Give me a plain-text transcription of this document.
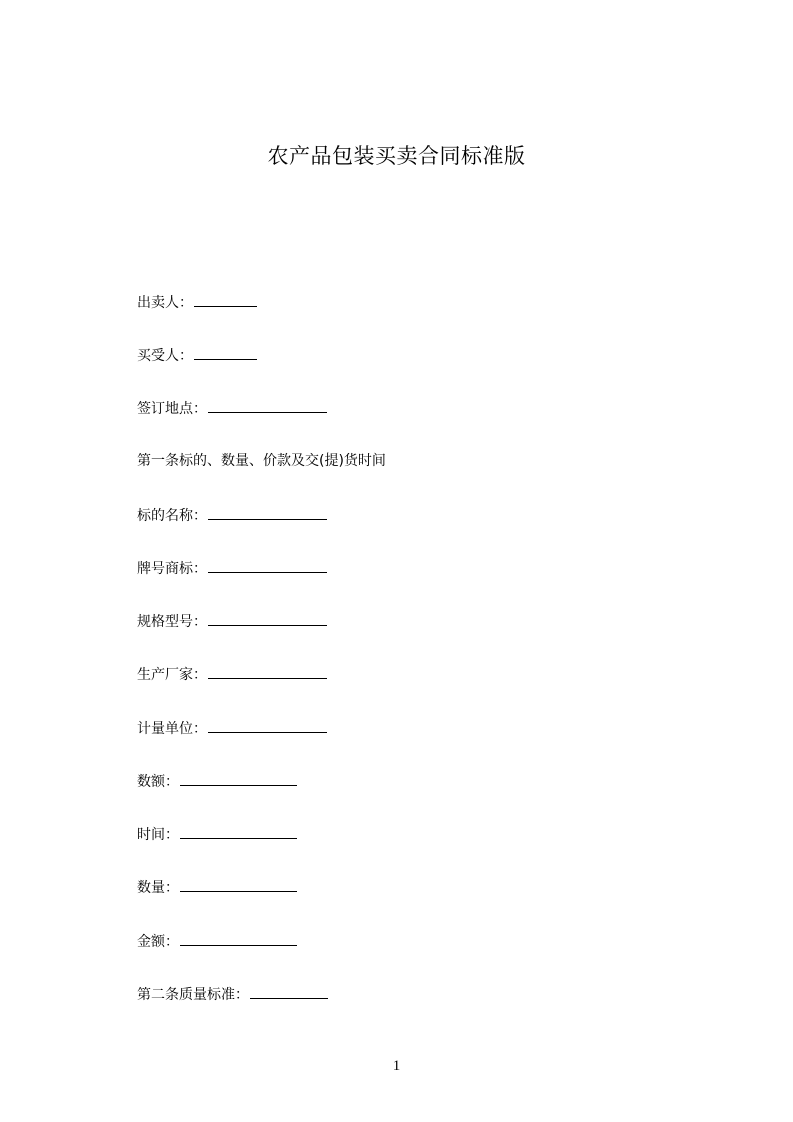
农产品包装买卖合同标准版
出卖人：
买受人：
签订地点：
第一条标的、数量、价款及交(提)货时间
标的名称：
牌号商标：
规格型号：
生产厂家：
计量单位：
数额：
时间：
数量：
金额：
第二条质量标准：
1
